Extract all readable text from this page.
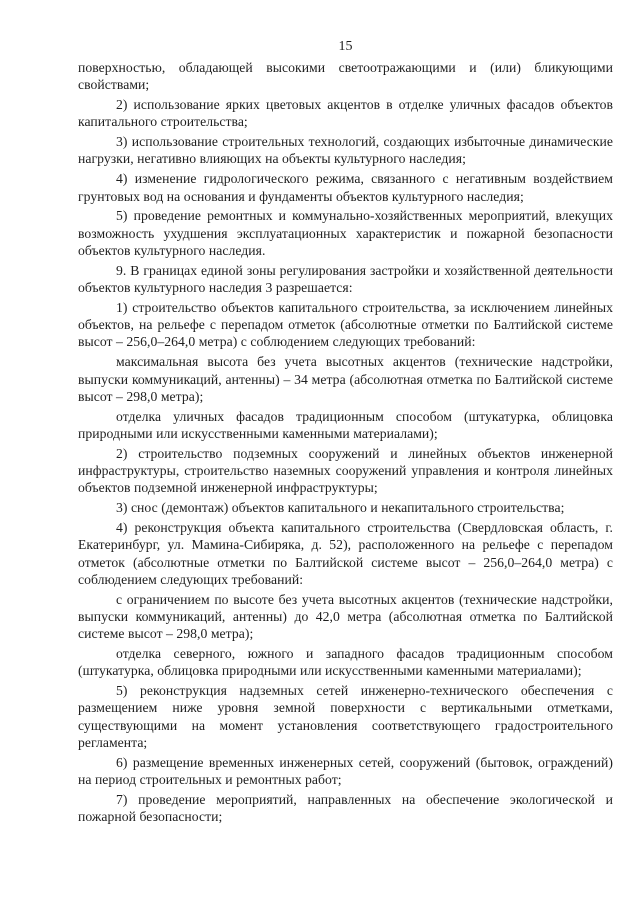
15

поверхностью, обладающей высокими светоотражающими и (или) бликующими свойствами;

2) использование ярких цветовых акцентов в отделке уличных фасадов объектов капитального строительства;

3) использование строительных технологий, создающих избыточные динамические нагрузки, негативно влияющих на объекты культурного наследия;

4) изменение гидрологического режима, связанного с негативным воздействием грунтовых вод на основания и фундаменты объектов культурного наследия;

5) проведение ремонтных и коммунально-хозяйственных мероприятий, влекущих возможность ухудшения эксплуатационных характеристик и пожарной безопасности объектов культурного наследия.

9. В границах единой зоны регулирования застройки и хозяйственной деятельности объектов культурного наследия 3 разрешается:

1) строительство объектов капитального строительства, за исключением линейных объектов, на рельефе с перепадом отметок (абсолютные отметки по Балтийской системе высот – 256,0–264,0 метра) с соблюдением следующих требований:

максимальная высота без учета высотных акцентов (технические надстройки, выпуски коммуникаций, антенны) – 34 метра (абсолютная отметка по Балтийской системе высот – 298,0 метра);

отделка уличных фасадов традиционным способом (штукатурка, облицовка природными или искусственными каменными материалами);

2) строительство подземных сооружений и линейных объектов инженерной инфраструктуры, строительство наземных сооружений управления и контроля линейных объектов подземной инженерной инфраструктуры;

3) снос (демонтаж) объектов капитального и некапитального строительства;

4) реконструкция объекта капитального строительства (Свердловская область, г. Екатеринбург, ул. Мамина-Сибиряка, д. 52), расположенного на рельефе с перепадом отметок (абсолютные отметки по Балтийской системе высот – 256,0–264,0 метра) с соблюдением следующих требований:

с ограничением по высоте без учета высотных акцентов (технические надстройки, выпуски коммуникаций, антенны) до 42,0 метра (абсолютная отметка по Балтийской системе высот – 298,0 метра);

отделка северного, южного и западного фасадов традиционным способом (штукатурка, облицовка природными или искусственными каменными материалами);

5) реконструкция надземных сетей инженерно-технического обеспечения с размещением ниже уровня земной поверхности с вертикальными отметками, существующими на момент установления соответствующего градостроительного регламента;

6) размещение временных инженерных сетей, сооружений (бытовок, ограждений) на период строительных и ремонтных работ;

7) проведение мероприятий, направленных на обеспечение экологической и пожарной безопасности;
